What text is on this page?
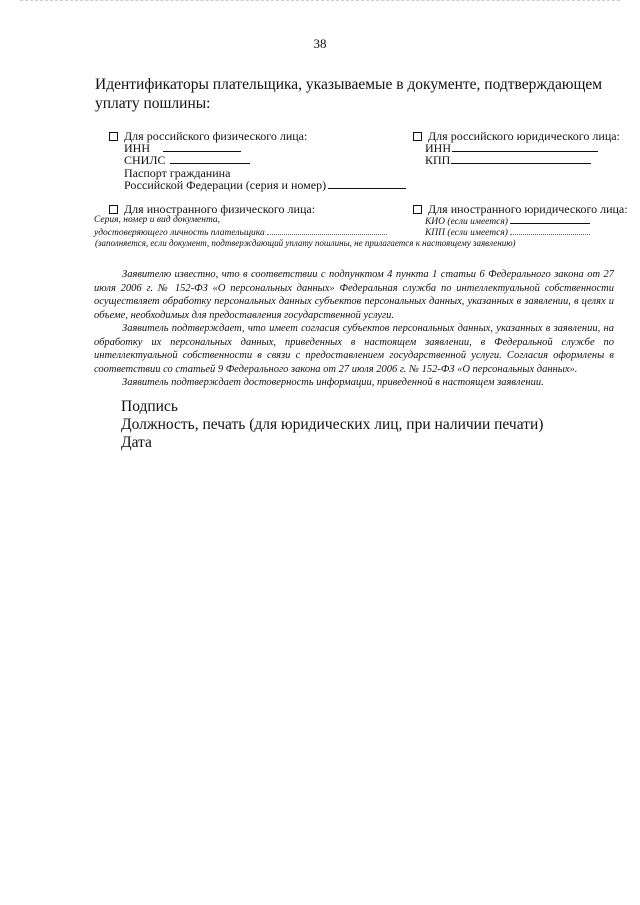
38
Идентификаторы плательщика, указываемые в документе, подтверждающем уплату пошлины:
Для российского физического лица:
ИНН
СНИЛС
Паспорт гражданина
Российской Федерации (серия и номер)
Для российского юридического лица:
ИНН
КПП
Для иностранного физического лица:
Серия, номер и вид документа,
удостоверяющего личность плательщика
Для иностранного юридического лица:
КИО (если имеется)
КПП (если имеется)
(заполняется, если документ, подтверждающий уплату пошлины, не прилагается к настоящему заявлению)
Заявителю известно, что в соответствии с подпунктом 4 пункта 1 статьи 6 Федерального закона от 27 июля 2006 г. № 152-ФЗ «О персональных данных» Федеральная служба по интеллектуальной собственности осуществляет обработку персональных данных субъектов персональных данных, указанных в заявлении, в целях и объеме, необходимых для предоставления государственной услуги.
Заявитель подтверждает, что имеет согласия субъектов персональных данных, указанных в заявлении, на обработку их персональных данных, приведенных в настоящем заявлении, в Федеральной службе по интеллектуальной собственности в связи с предоставлением государственной услуги. Согласия оформлены в соответствии со статьей 9 Федерального закона от 27 июля 2006 г. № 152-ФЗ «О персональных данных».
Заявитель подтверждает достоверность информации, приведенной в настоящем заявлении.
Подпись
Должность, печать (для юридических лиц, при наличии печати)
Дата
